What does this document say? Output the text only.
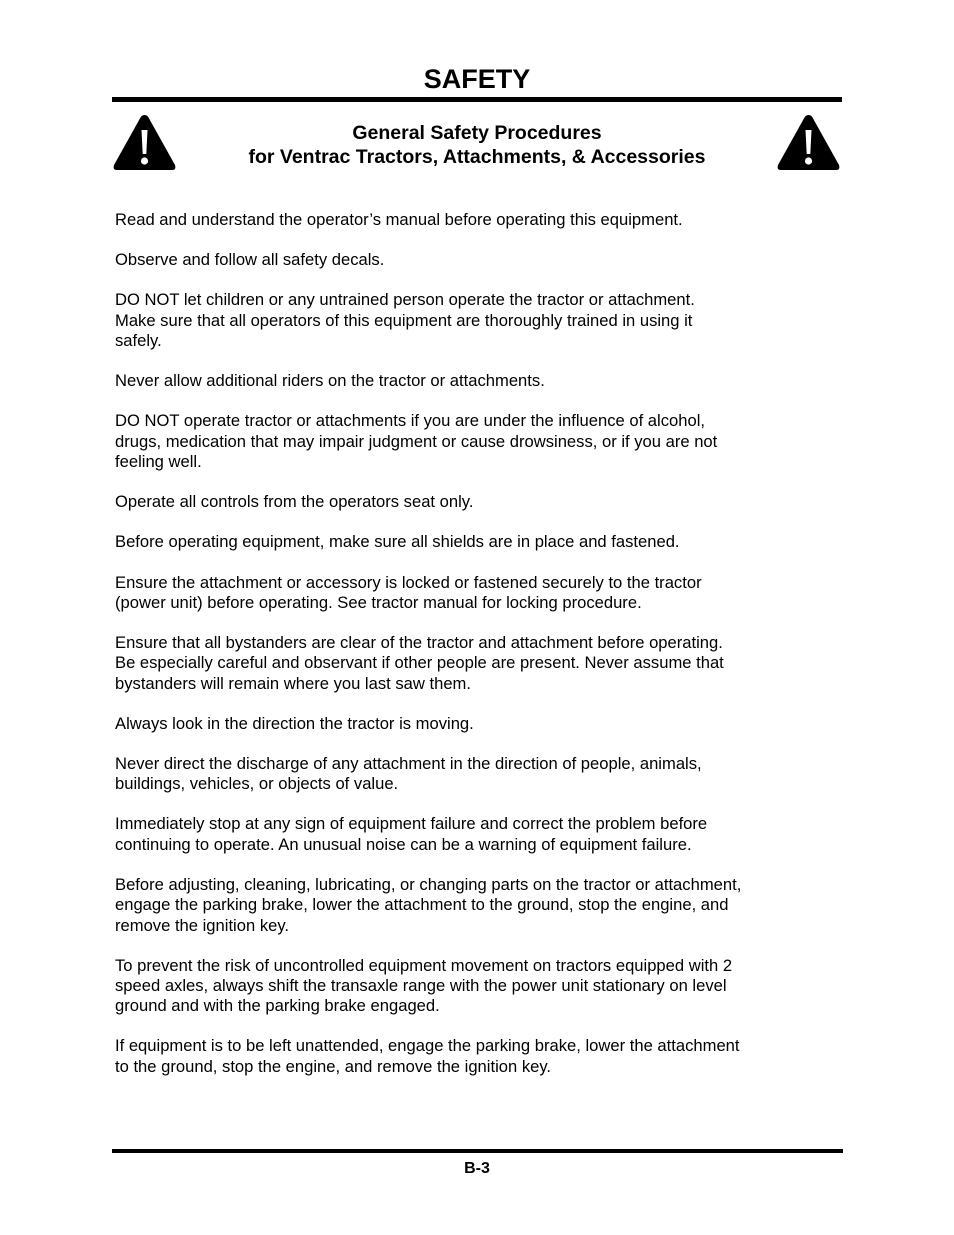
SAFETY
General Safety Procedures
for Ventrac Tractors, Attachments, & Accessories

Read and understand the operator’s manual before operating this equipment.

Observe and follow all safety decals.

DO NOT let children or any untrained person operate the tractor or attachment.
Make sure that all operators of this equipment are thoroughly trained in using it
safely.

Never allow additional riders on the tractor or attachments.

DO NOT operate tractor or attachments if you are under the influence of alcohol,
drugs, medication that may impair judgment or cause drowsiness, or if you are not
feeling well.

Operate all controls from the operators seat only.

Before operating equipment, make sure all shields are in place and fastened.

Ensure the attachment or accessory is locked or fastened securely to the tractor
(power unit) before operating. See tractor manual for locking procedure.

Ensure that all bystanders are clear of the tractor and attachment before operating.
Be especially careful and observant if other people are present. Never assume that
bystanders will remain where you last saw them.

Always look in the direction the tractor is moving.

Never direct the discharge of any attachment in the direction of people, animals,
buildings, vehicles, or objects of value.

Immediately stop at any sign of equipment failure and correct the problem before
continuing to operate. An unusual noise can be a warning of equipment failure.

Before adjusting, cleaning, lubricating, or changing parts on the tractor or attachment,
engage the parking brake, lower the attachment to the ground, stop the engine, and
remove the ignition key.

To prevent the risk of uncontrolled equipment movement on tractors equipped with 2
speed axles, always shift the transaxle range with the power unit stationary on level
ground and with the parking brake engaged.

If equipment is to be left unattended, engage the parking brake, lower the attachment
to the ground, stop the engine, and remove the ignition key.

B-3
